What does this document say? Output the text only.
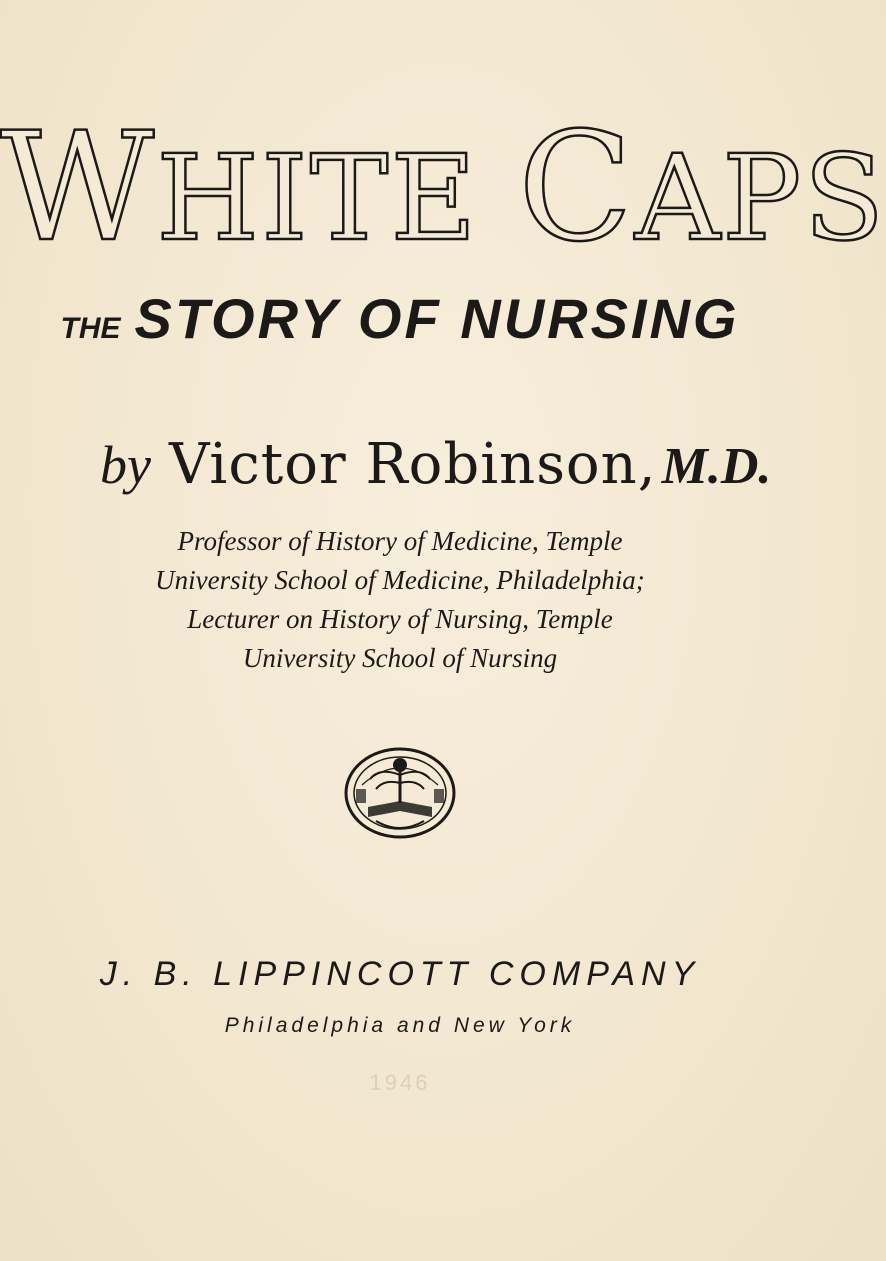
WHITE CAPS
THE STORY OF NURSING
by Victor Robinson, M.D.
Professor of History of Medicine, Temple
University School of Medicine, Philadelphia;
Lecturer on History of Nursing, Temple
University School of Nursing
J. B. LIPPINCOTT COMPANY
Philadelphia and New York
1946
